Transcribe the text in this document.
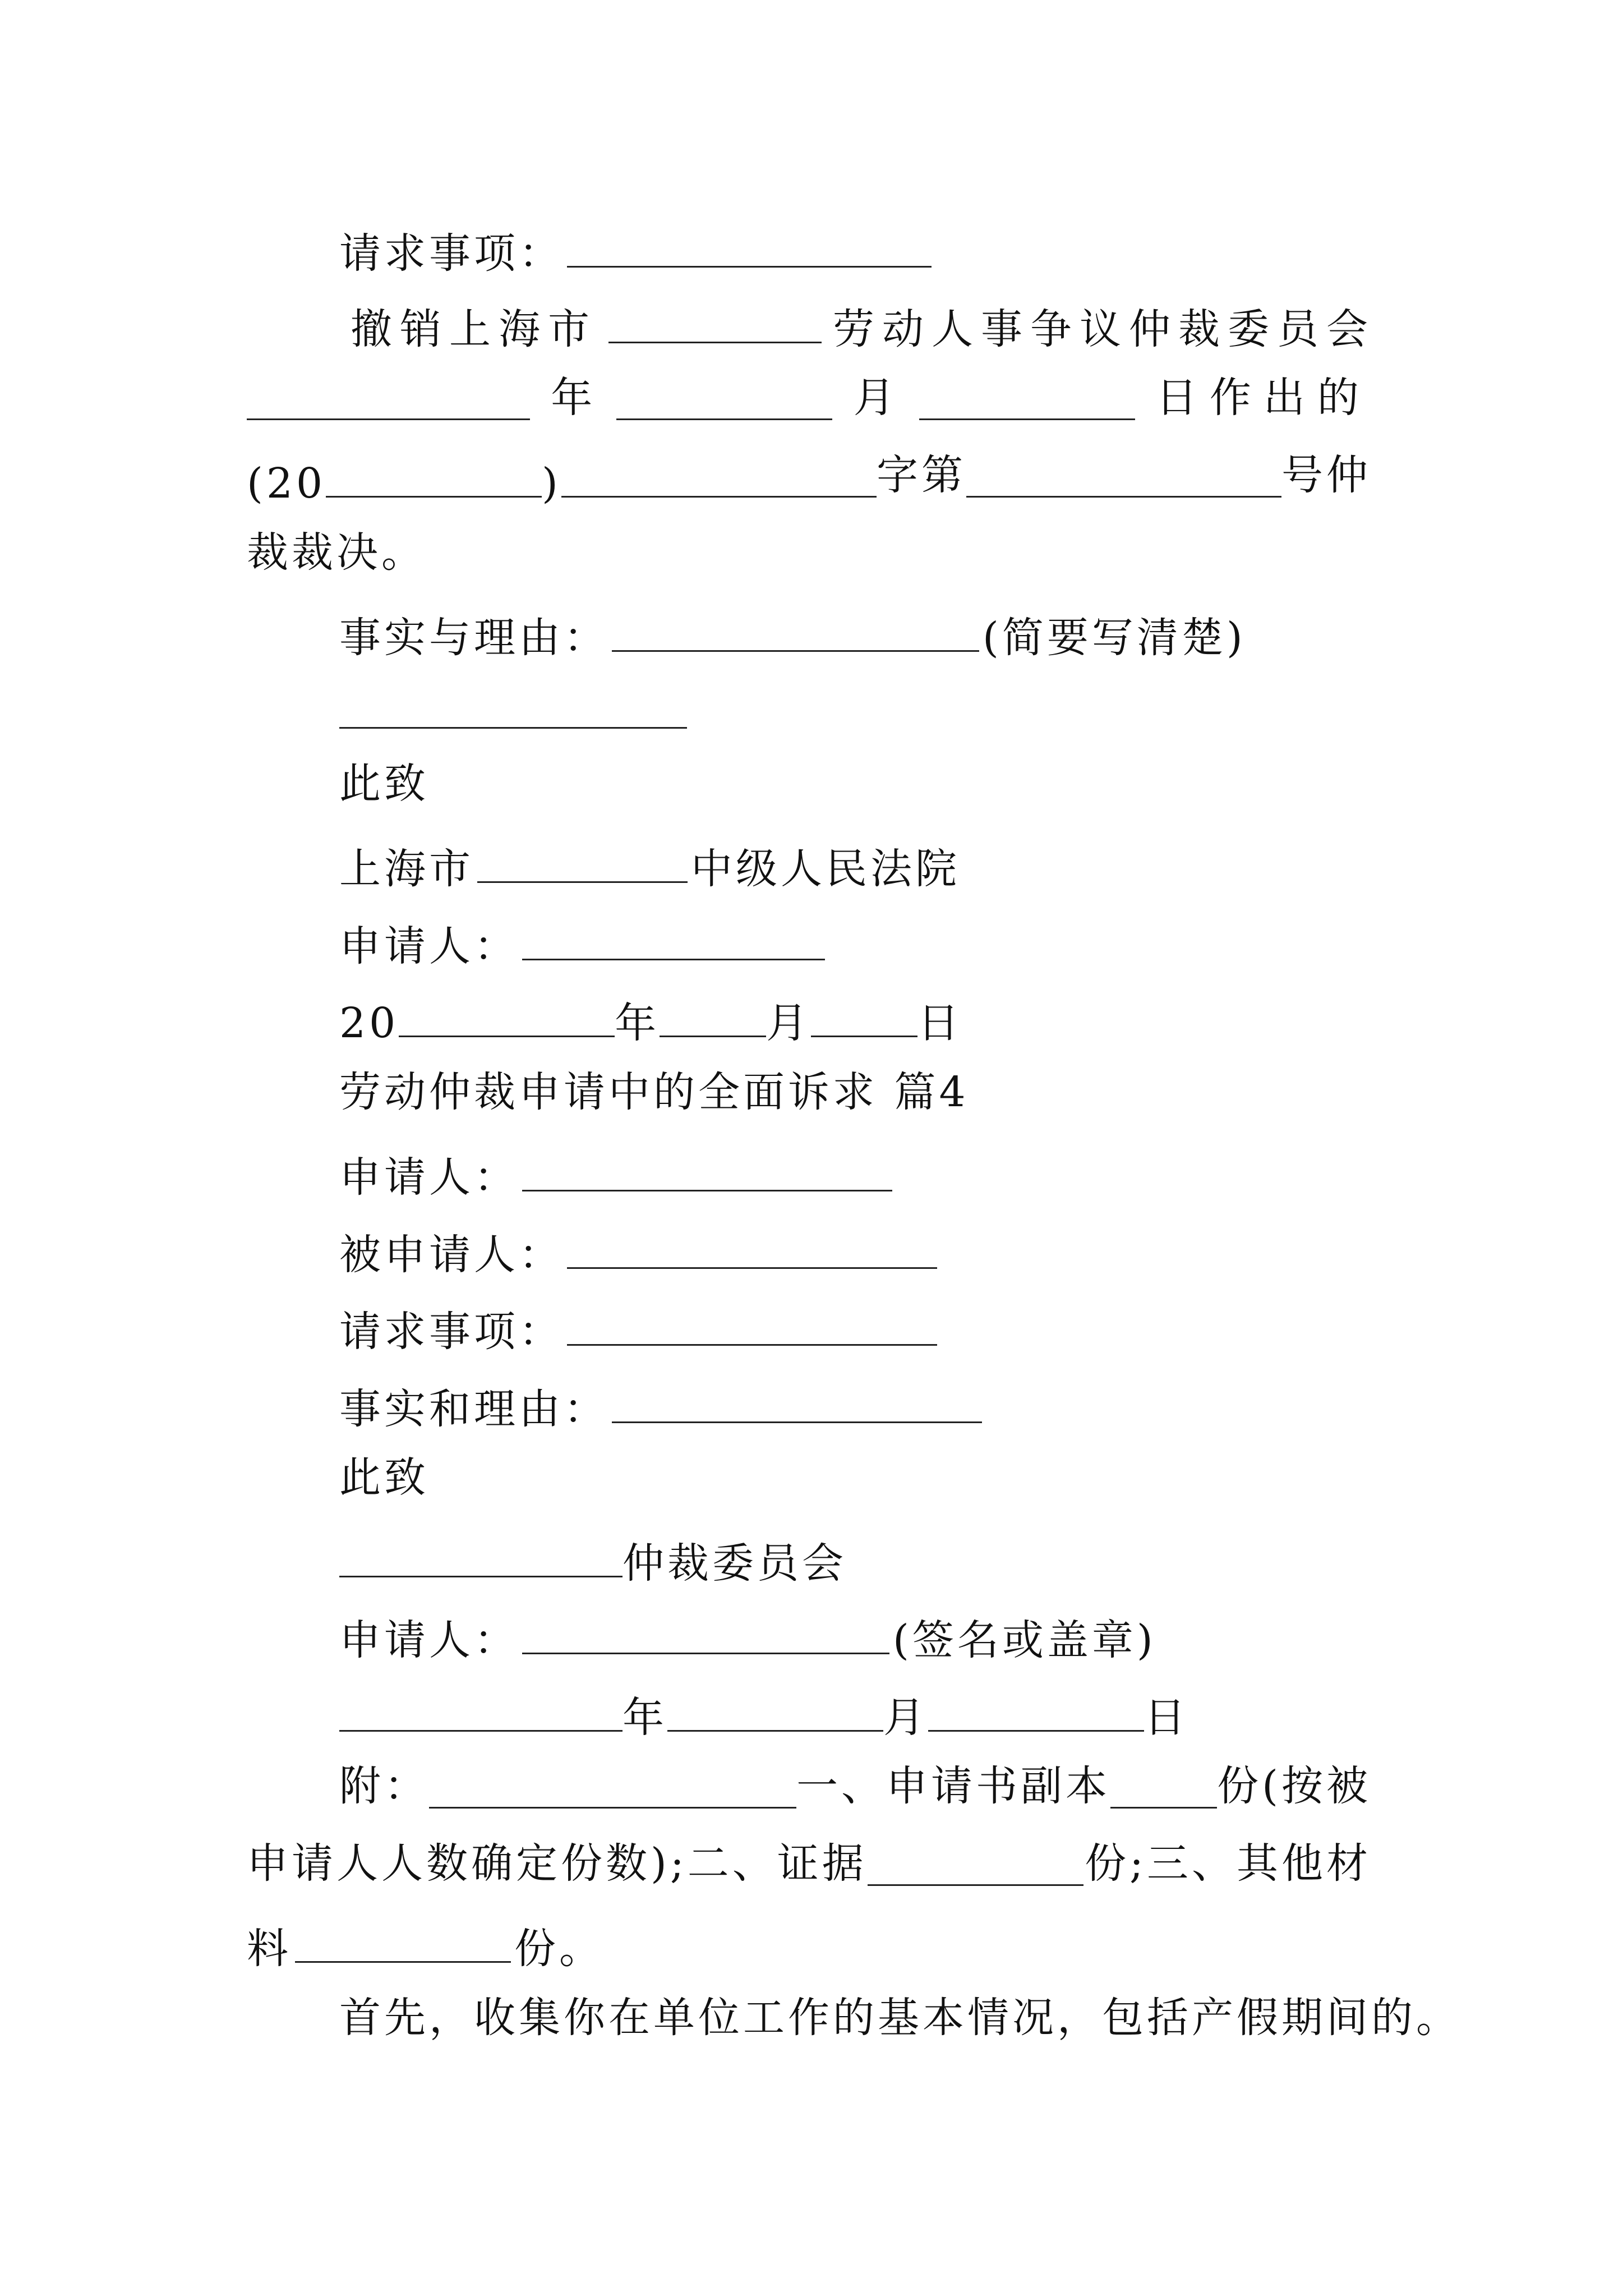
请求事项：
撤销上海市	劳动人事争议仲裁委员会
年	月	日作出的
(20	)	字第	号仲
裁裁决。
事实与理由：	(简要写清楚)
此致
上海市	中级人民法院
申请人：
20	年	月	日
劳动仲裁申请中的全面诉求 篇4
申请人：
被申请人：
请求事项：
事实和理由：
此致
仲裁委员会
申请人：	(签名或盖章)
年	月	日
附：	一、申请书副本	份(按被
申请人人数确定份数);二、证据	份;三、其他材
料	份。
首先，收集你在单位工作的基本情况，包括产假期间的。
